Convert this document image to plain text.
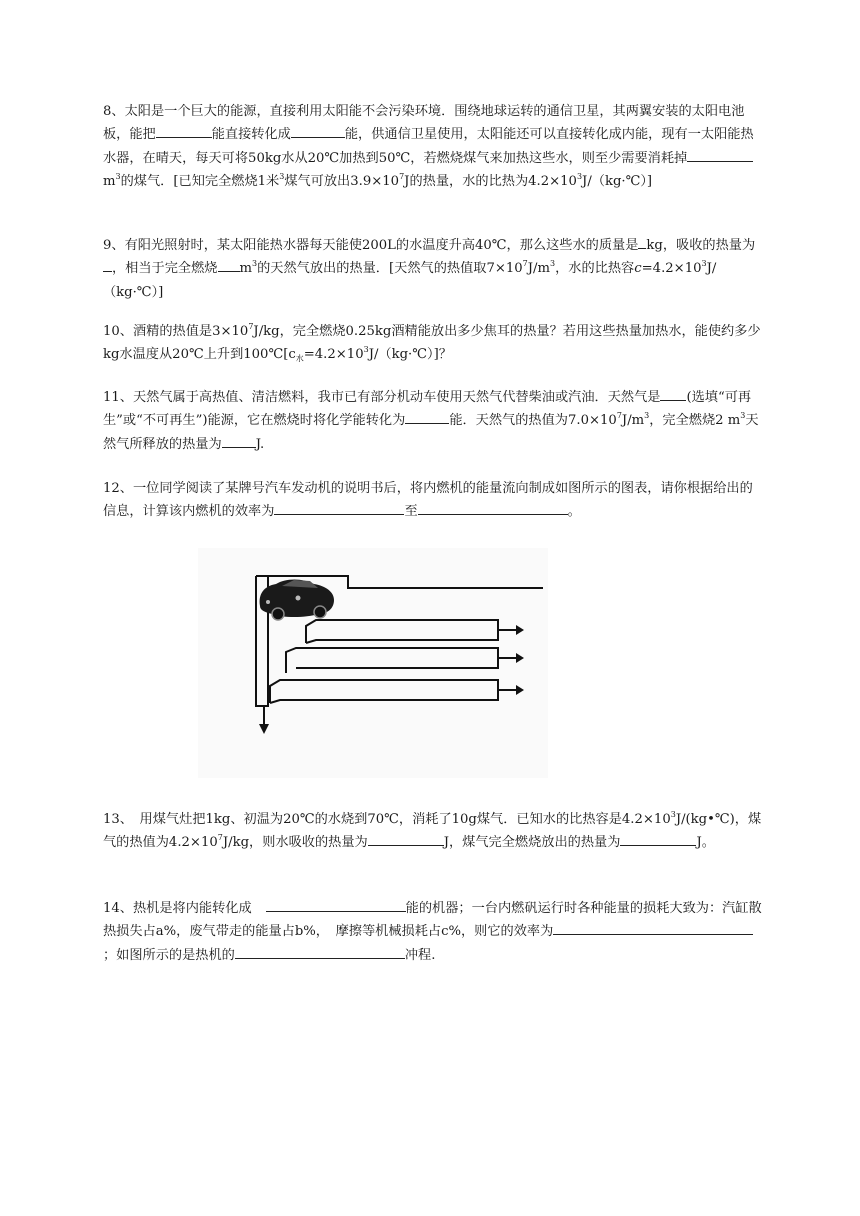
8、太阳是一个巨大的能源，直接利用太阳能不会污染环境．围绕地球运转的通信卫星，其两翼安装的太阳电池板，能把	能直接转化成	能，供通信卫星使用，太阳能还可以直接转化成内能，现有一太阳能热水器，在晴天，每天可将50kg水从20℃加热到50℃，若燃烧煤气来加热这些水，则至少需要消耗掉$m^3$的煤气．[已知完全燃烧1米$^3$煤气可放出$3.9\times 10^7J$的热量，水的比热为$4.2\times 10^3J/(kg\cdot℃)$]

9、有阳光照射时，某太阳能热水器每天能使200L的水温度升高40℃，那么这些水的质量是 kg，吸收的热量为，相当于完全燃烧 $m^3$的天然气放出的热量．[天然气的热值取$7\times 10^7J/m^3$，水的比热容$c=4.2\times 10^3J/(kg\cdot℃)$]

10、酒精的热值是$3\times 10^7J/kg$，完全燃烧0.25kg酒精能放出多少焦耳的热量？若用这些热量加热水，能使约多少kg水温度从20℃上升到$100℃[c_水=4.2\times 10^3J/(kg\cdot℃)]$？

11、天然气属于高热值、清洁燃料，我市已有部分机动车使用天然气代替柴油或汽油．天然气是 (选填“可再生”或“不可再生”)能源，它在燃烧时将化学能转化为	能．天然气的热值为$7.0\times 10^7J/m^3$，完全燃烧2 $m^3$天然气所释放的热量为	J.

12、一位同学阅读了某牌号汽车发动机的说明书后，将内燃机的能量流向制成如图所示的图表，请你根据给出的信息，计算该内燃机的效率为	至	。

13、　用煤气灶把1kg、初温为20℃的水烧到70℃，消耗了10g煤气．已知水的比热容是$4.2\times 10^3J/(kg•℃)$，煤气的热值为$4.2\times 10^7J/kg$，则水吸收的热量为	J，煤气完全燃烧放出的热量为	J。

14、热机是将内能转化成	能的机器；一台内燃矾运行时各种能量的损耗大致为：汽缸散热损失占a%，废气带走的能量占b%，　摩擦等机械损耗占c%，则它的效率为；如图所示的是热机的	冲程.
